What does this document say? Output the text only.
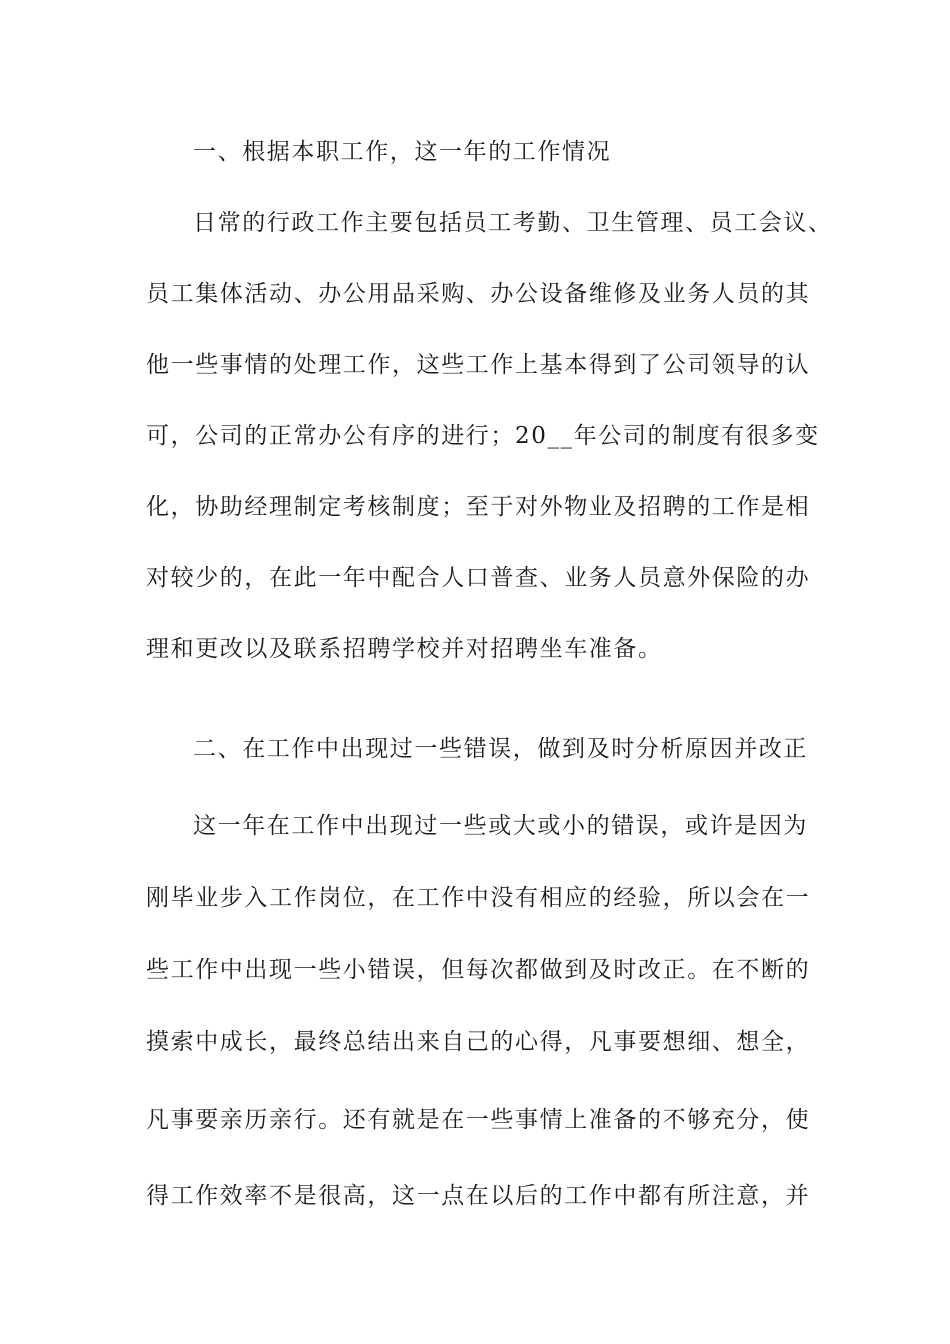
一、根据本职工作，这一年的工作情况
日常的行政工作主要包括员工考勤、卫生管理、员工会议、
员工集体活动、办公用品采购、办公设备维修及业务人员的其
他一些事情的处理工作，这些工作上基本得到了公司领导的认
可，公司的正常办公有序的进行；20__年公司的制度有很多变
化，协助经理制定考核制度；至于对外物业及招聘的工作是相
对较少的，在此一年中配合人口普查、业务人员意外保险的办
理和更改以及联系招聘学校并对招聘坐车准备。
二、在工作中出现过一些错误，做到及时分析原因并改正
这一年在工作中出现过一些或大或小的错误，或许是因为
刚毕业步入工作岗位，在工作中没有相应的经验，所以会在一
些工作中出现一些小错误，但每次都做到及时改正。在不断的
摸索中成长，最终总结出来自己的心得，凡事要想细、想全，
凡事要亲历亲行。还有就是在一些事情上准备的不够充分，使
得工作效率不是很高，这一点在以后的工作中都有所注意，并
